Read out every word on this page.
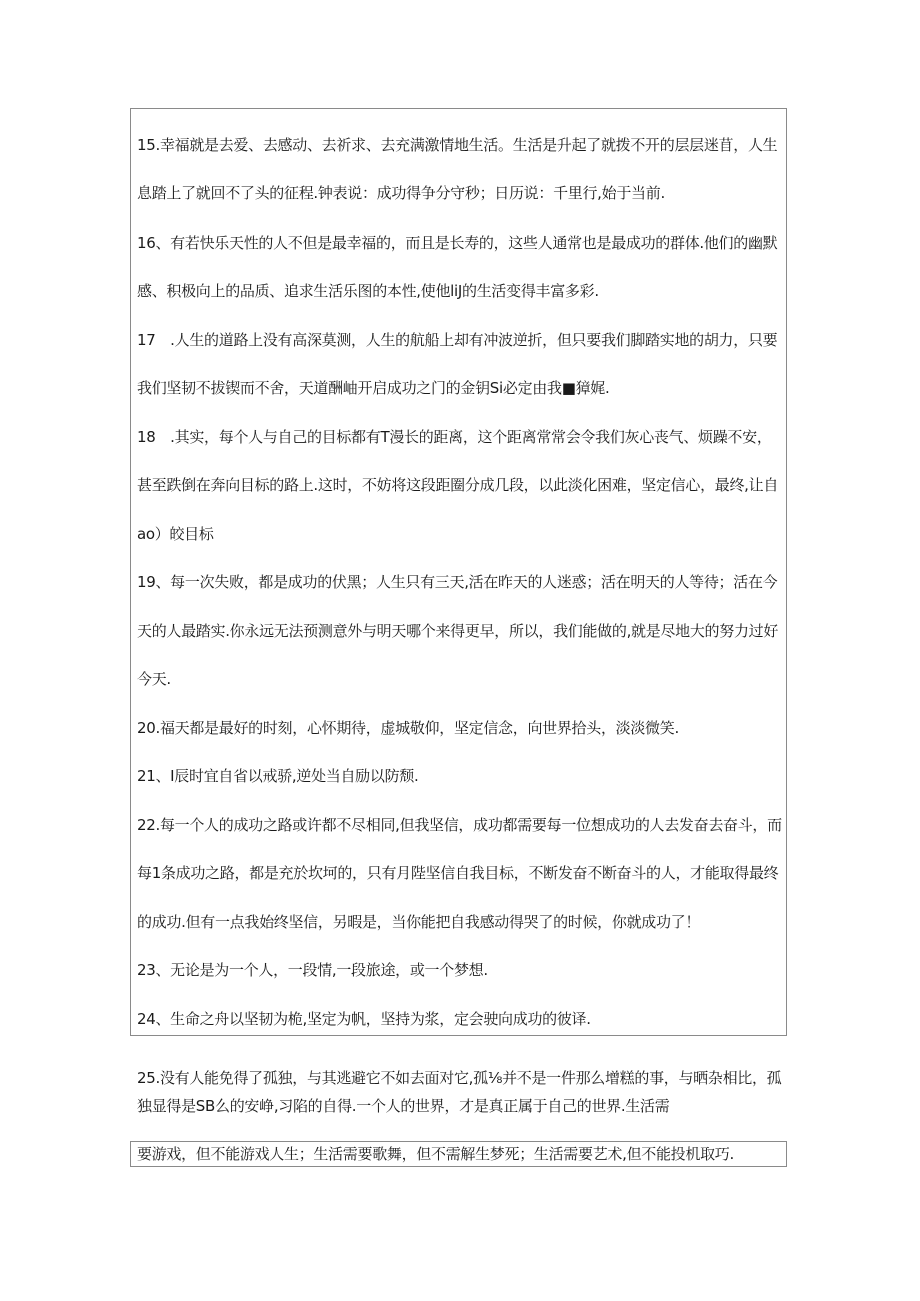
15.幸福就是去爱、去感动、去祈求、去充满激情地生活。生活是升起了就拨不开的层层迷苜，人生
息踏上了就回不了头的征程.钟表说：成功得争分守秒；日历说：千里行,始于当前.
16、有若快乐天性的人不但是最幸福的，而且是长寿的，这些人通常也是最成功的群体.他们的幽默
感、积极向上的品质、追求生活乐图的本性,使他liJ的生活变得丰富多彩.
17　.人生的道路上没有高深莫测，人生的航船上却有冲波逆折，但只要我们脚踏实地的胡力，只要
我们坚韧不拔锲而不舍，天道酬岫开启成功之门的金钥Si必定由我■獐娓.
18　.其实，每个人与自己的目标都有T漫长的距离，这个距离常常会令我们灰心丧气、烦躁不安，
甚至跌倒在奔向目标的路上.这时，不妨将这段距圈分成几段，以此淡化困难，坚定信心，最终,让自
ao）皎目标
19、每一次失败，都是成功的伏黑；人生只有三天,活在昨天的人迷惑；活在明天的人等待；活在今
天的人最踏实.你永远无法预测意外与明天哪个来得更早，所以，我们能做的,就是尽地大的努力过好
今天.
20.福天都是最好的时刻，心怀期待，虚城敬仰，坚定信念，向世界拾头，淡淡微笑.
21、I辰时宜自省以戒骄,逆处当自励以防颓.
22.每一个人的成功之路或许都不尽相同,但我坚信，成功都需要每一位想成功的人去发奋去奋斗，而
每1条成功之路，都是充於坎坷的，只有月陛坚信自我目标，不断发奋不断奋斗的人，才能取得最终
的成功.但有一点我始终坚信，另暇是，当你能把自我感动得哭了的时候，你就成功了！
23、无论是为一个人，一段情,一段旅途，或一个梦想.
24、生命之舟以坚韧为桅,坚定为帆，坚持为浆，定会驶向成功的彼译.
25.没有人能免得了孤独，与其逃避它不如去面对它,孤⅛并不是一件那么增糕的事，与晒杂相比，孤
独显得是SB么的安峥,习陷的自得.一个人的世界，才是真正属于自己的世界.生活需
要游戏，但不能游戏人生；生活需要歌舞，但不需解生梦死；生活需要艺术,但不能投机取巧.
